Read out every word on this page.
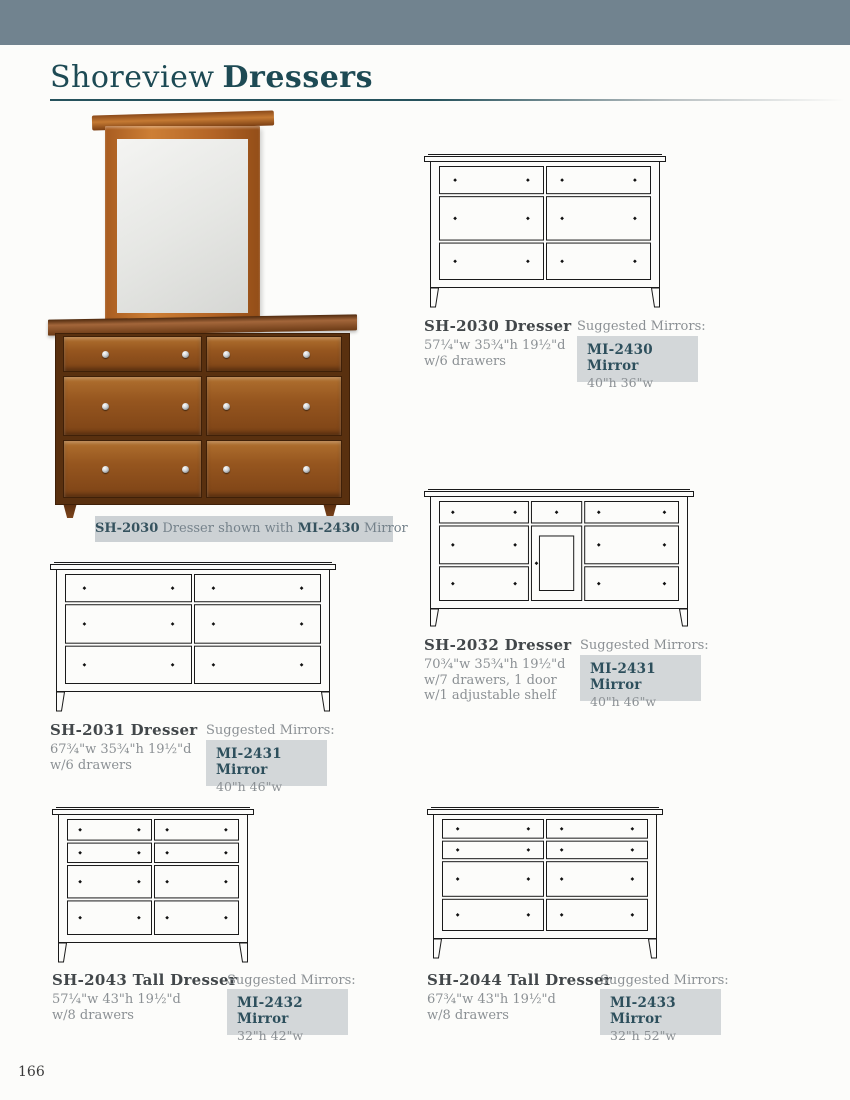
Shoreview Dressers
SH-2030 Dresser shown with MI-2430 Mirror
SH-2030 Dresser
57¼"w 35¾"h 19½"d
w/6 drawers
Suggested Mirrors:
MI-2430 Mirror
40"h 36"w
SH-2032 Dresser
70¾"w 35¾"h 19½"d
w/7 drawers, 1 door
w/1 adjustable shelf
Suggested Mirrors:
MI-2431 Mirror
40"h 46"w
SH-2031 Dresser
67¾"w 35¾"h 19½"d
w/6 drawers
Suggested Mirrors:
MI-2431 Mirror
40"h 46"w
SH-2043 Tall Dresser
57¼"w 43"h 19½"d
w/8 drawers
Suggested Mirrors:
MI-2432 Mirror
32"h 42"w
SH-2044 Tall Dresser
67¾"w 43"h 19½"d
w/8 drawers
Suggested Mirrors:
MI-2433 Mirror
32"h 52"w
166
